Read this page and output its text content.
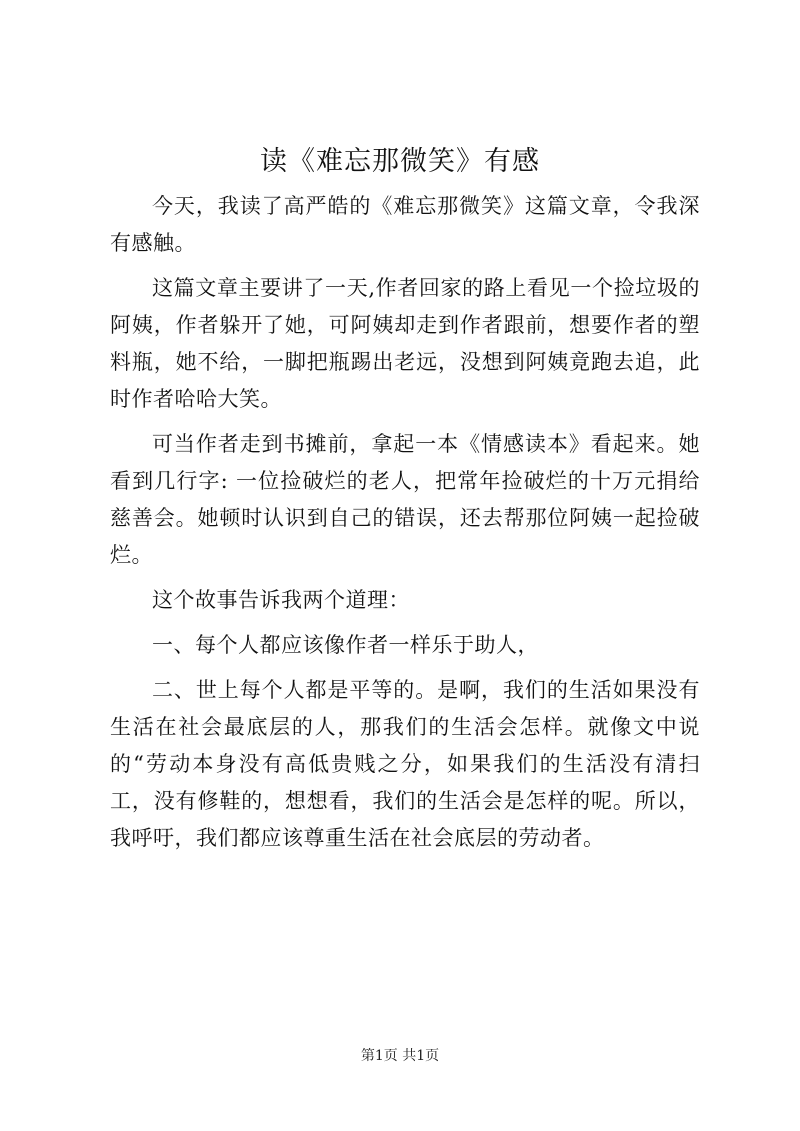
读《难忘那微笑》有感

今天，我读了高严皓的《难忘那微笑》这篇文章，令我深有感触。

这篇文章主要讲了一天,作者回家的路上看见一个捡垃圾的阿姨，作者躲开了她，可阿姨却走到作者跟前，想要作者的塑料瓶，她不给，一脚把瓶踢出老远，没想到阿姨竟跑去追，此时作者哈哈大笑。

可当作者走到书摊前，拿起一本《情感读本》看起来。她看到几行字: 一位捡破烂的老人，把常年捡破烂的十万元捐给慈善会。她顿时认识到自己的错误，还去帮那位阿姨一起捡破烂。

这个故事告诉我两个道理：

一、每个人都应该像作者一样乐于助人，

二、世上每个人都是平等的。是啊，我们的生活如果没有生活在社会最底层的人，那我们的生活会怎样。就像文中说的“劳动本身没有高低贵贱之分，如果我们的生活没有清扫工，没有修鞋的，想想看，我们的生活会是怎样的呢。所以，我呼吁，我们都应该尊重生活在社会底层的劳动者。

第1页 共1页
